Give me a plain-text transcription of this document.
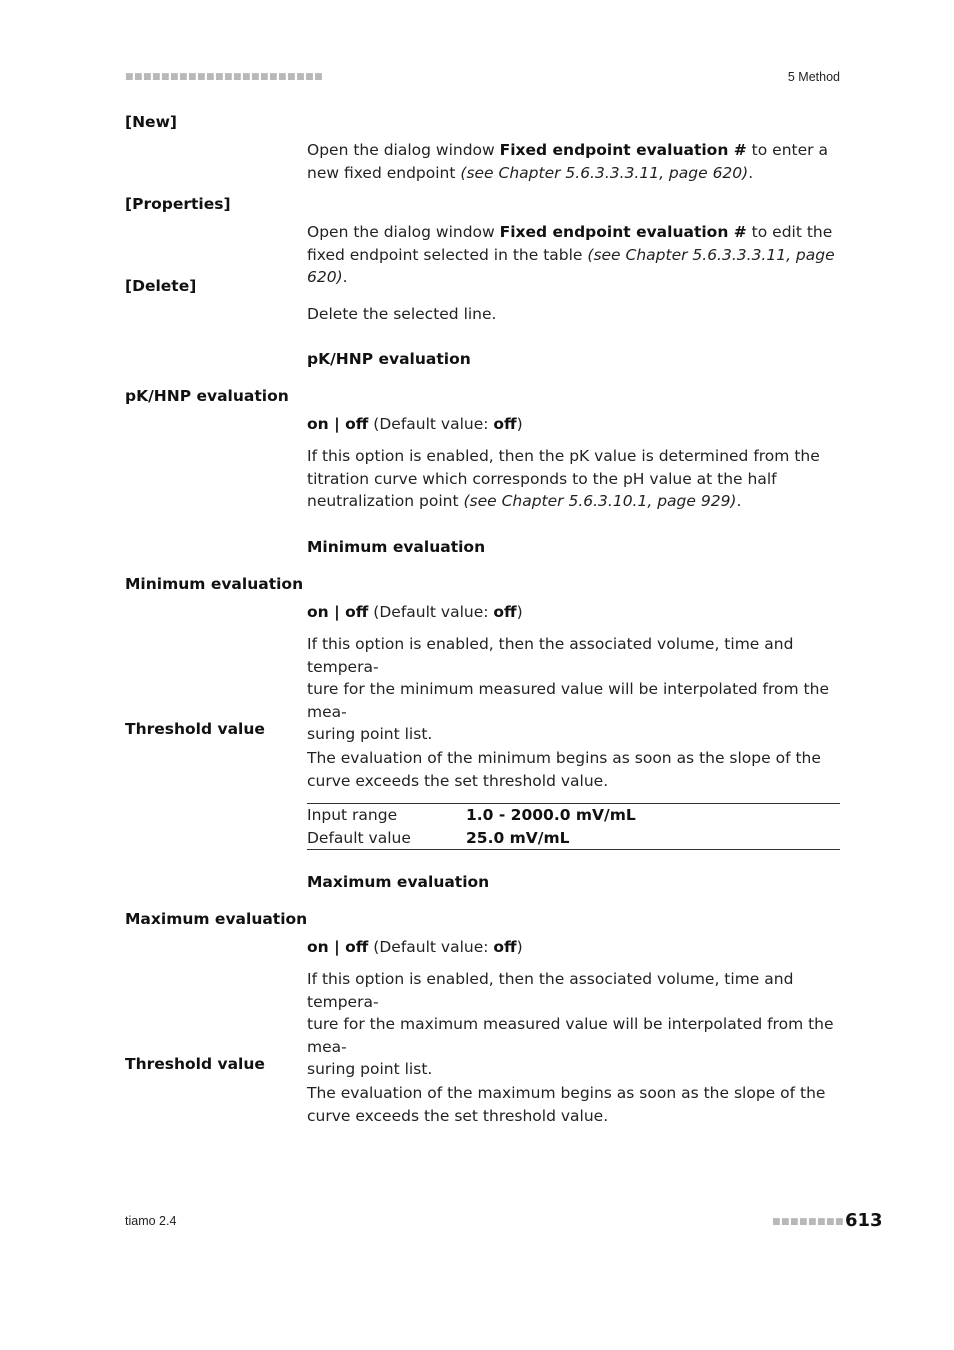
■■■■■■■■■■■■■■■■■■■■■■	5 Method
[New]
Open the dialog window Fixed endpoint evaluation # to enter a new fixed endpoint (see Chapter 5.6.3.3.3.11, page 620).
[Properties]
Open the dialog window Fixed endpoint evaluation # to edit the fixed endpoint selected in the table (see Chapter 5.6.3.3.3.11, page 620).
[Delete]
Delete the selected line.
pK/HNP evaluation
pK/HNP evaluation
on | off (Default value: off)
If this option is enabled, then the pK value is determined from the titration curve which corresponds to the pH value at the half neutralization point (see Chapter 5.6.3.10.1, page 929).
Minimum evaluation
Minimum evaluation
on | off (Default value: off)
If this option is enabled, then the associated volume, time and tempera-
ture for the minimum measured value will be interpolated from the mea-
suring point list.
Threshold value
The evaluation of the minimum begins as soon as the slope of the curve exceeds the set threshold value.
Input range	1.0 - 2000.0 mV/mL
Default value	25.0 mV/mL
Maximum evaluation
Maximum evaluation
on | off (Default value: off)
If this option is enabled, then the associated volume, time and tempera-
ture for the maximum measured value will be interpolated from the mea-
suring point list.
Threshold value
The evaluation of the maximum begins as soon as the slope of the curve exceeds the set threshold value.
tiamo 2.4	■■■■■■■■ 613
